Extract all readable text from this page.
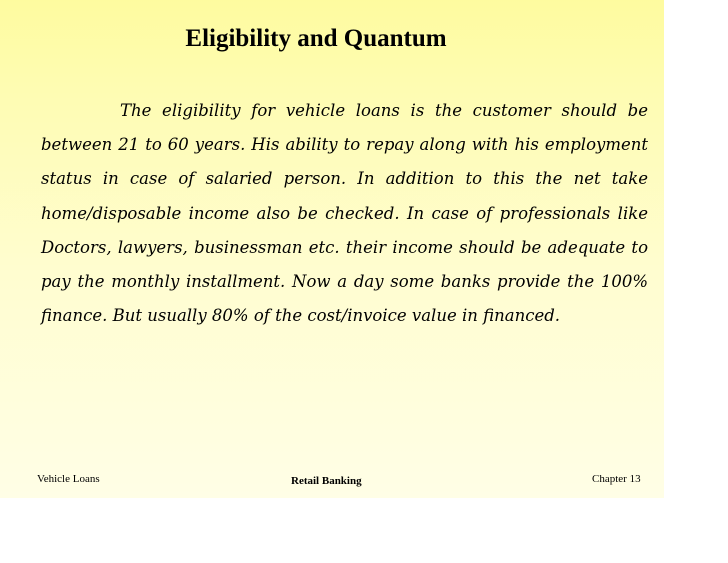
Eligibility and Quantum

The eligibility for vehicle loans is the customer should be between 21 to 60 years. His ability to repay along with his employment status in case of salaried person. In addition to this the net take home/disposable income also be checked. In case of professionals like Doctors, lawyers, businessman etc. their income should be adequate to pay the monthly installment. Now a day some banks provide the 100% finance. But usually 80% of the cost/invoice value in financed.

Vehicle Loans	Retail Banking	Chapter 13
